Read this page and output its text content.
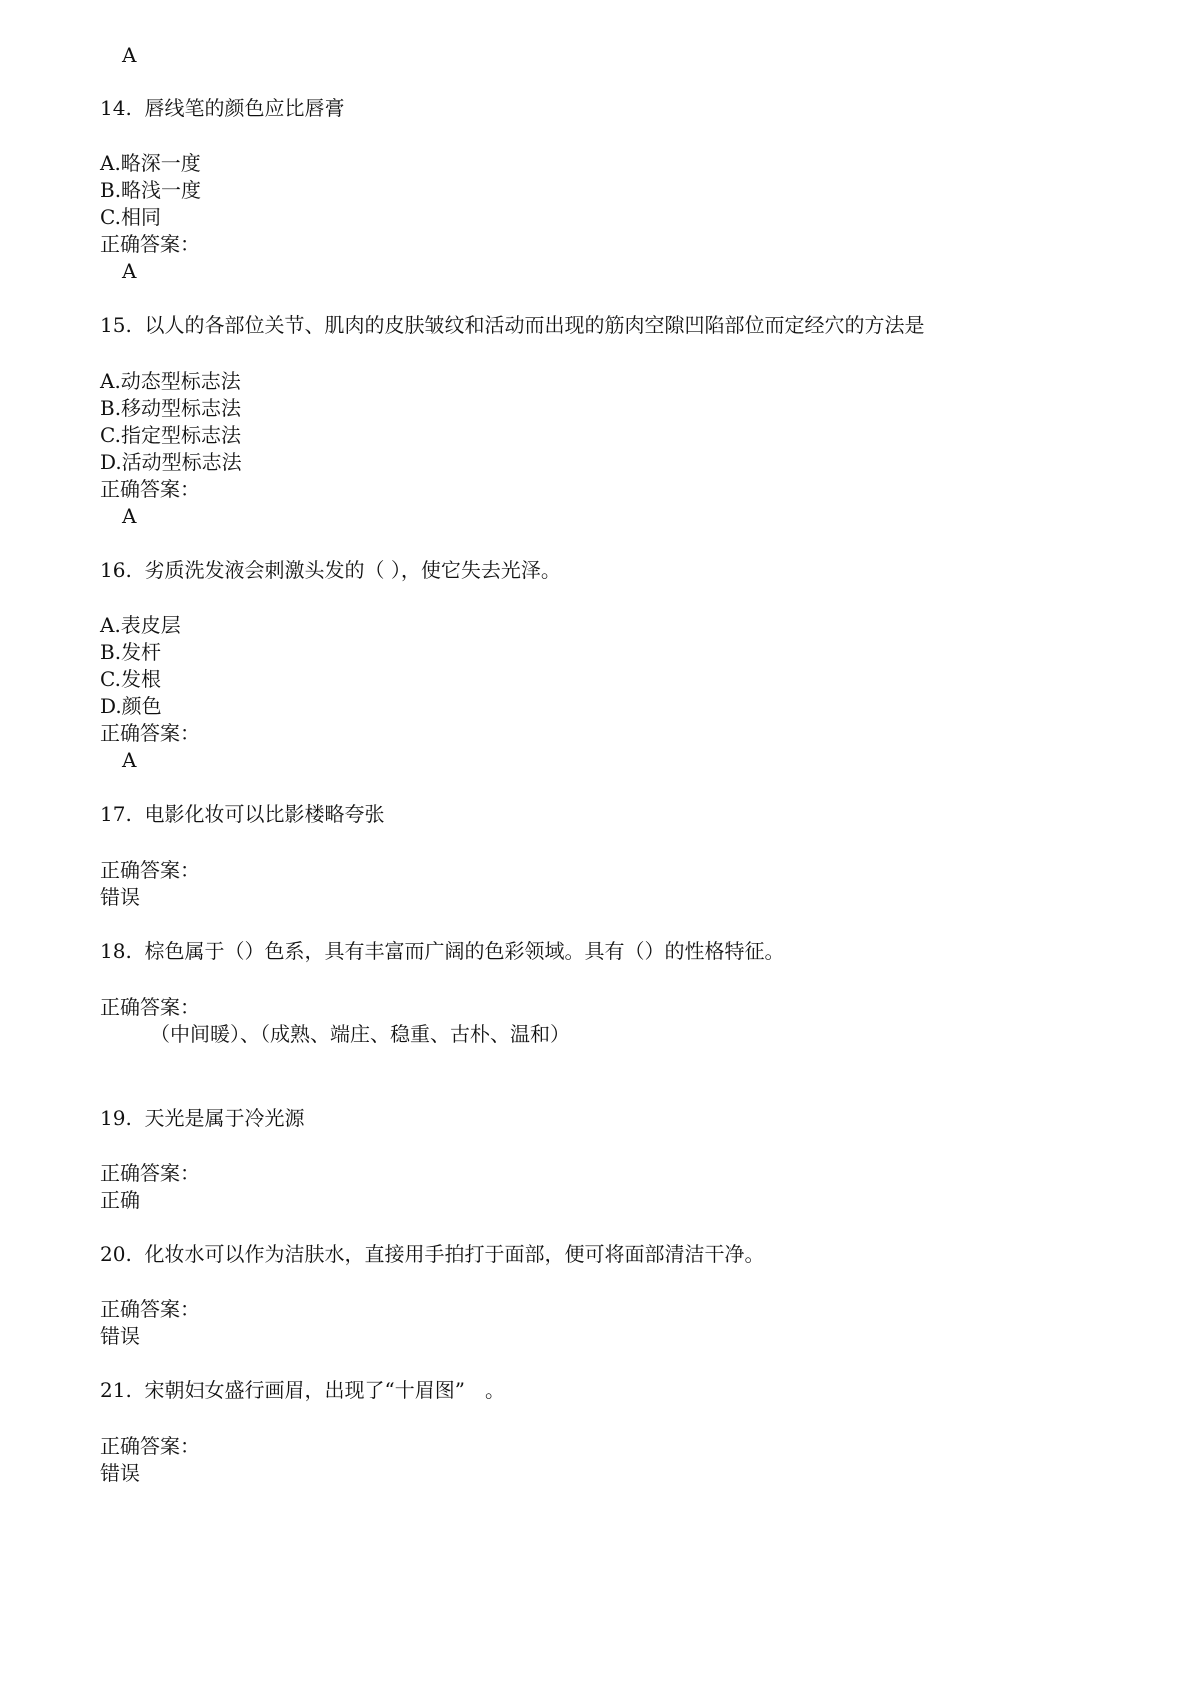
A
14. 唇线笔的颜色应比唇膏
A.略深一度
B.略浅一度
C.相同
正确答案：
A
15. 以人的各部位关节、肌肉的皮肤皱纹和活动而出现的筋肉空隙凹陷部位而定经穴的方法是
A.动态型标志法
B.移动型标志法
C.指定型标志法
D.活动型标志法
正确答案：
A
16. 劣质洗发液会刺激头发的（ ），使它失去光泽。
A.表皮层
B.发杆
C.发根
D.颜色
正确答案：
A
17. 电影化妆可以比影楼略夸张
正确答案：
错误
18. 棕色属于（）色系，具有丰富而广阔的色彩领域。具有（）的性格特征。
正确答案：
（中间暖）、（成熟、端庄、稳重、古朴、温和）
19. 天光是属于冷光源
正确答案：
正确
20. 化妆水可以作为洁肤水，直接用手拍打于面部，便可将面部清洁干净。
正确答案：
错误
21. 宋朝妇女盛行画眉，出现了“十眉图”　。
正确答案：
错误
